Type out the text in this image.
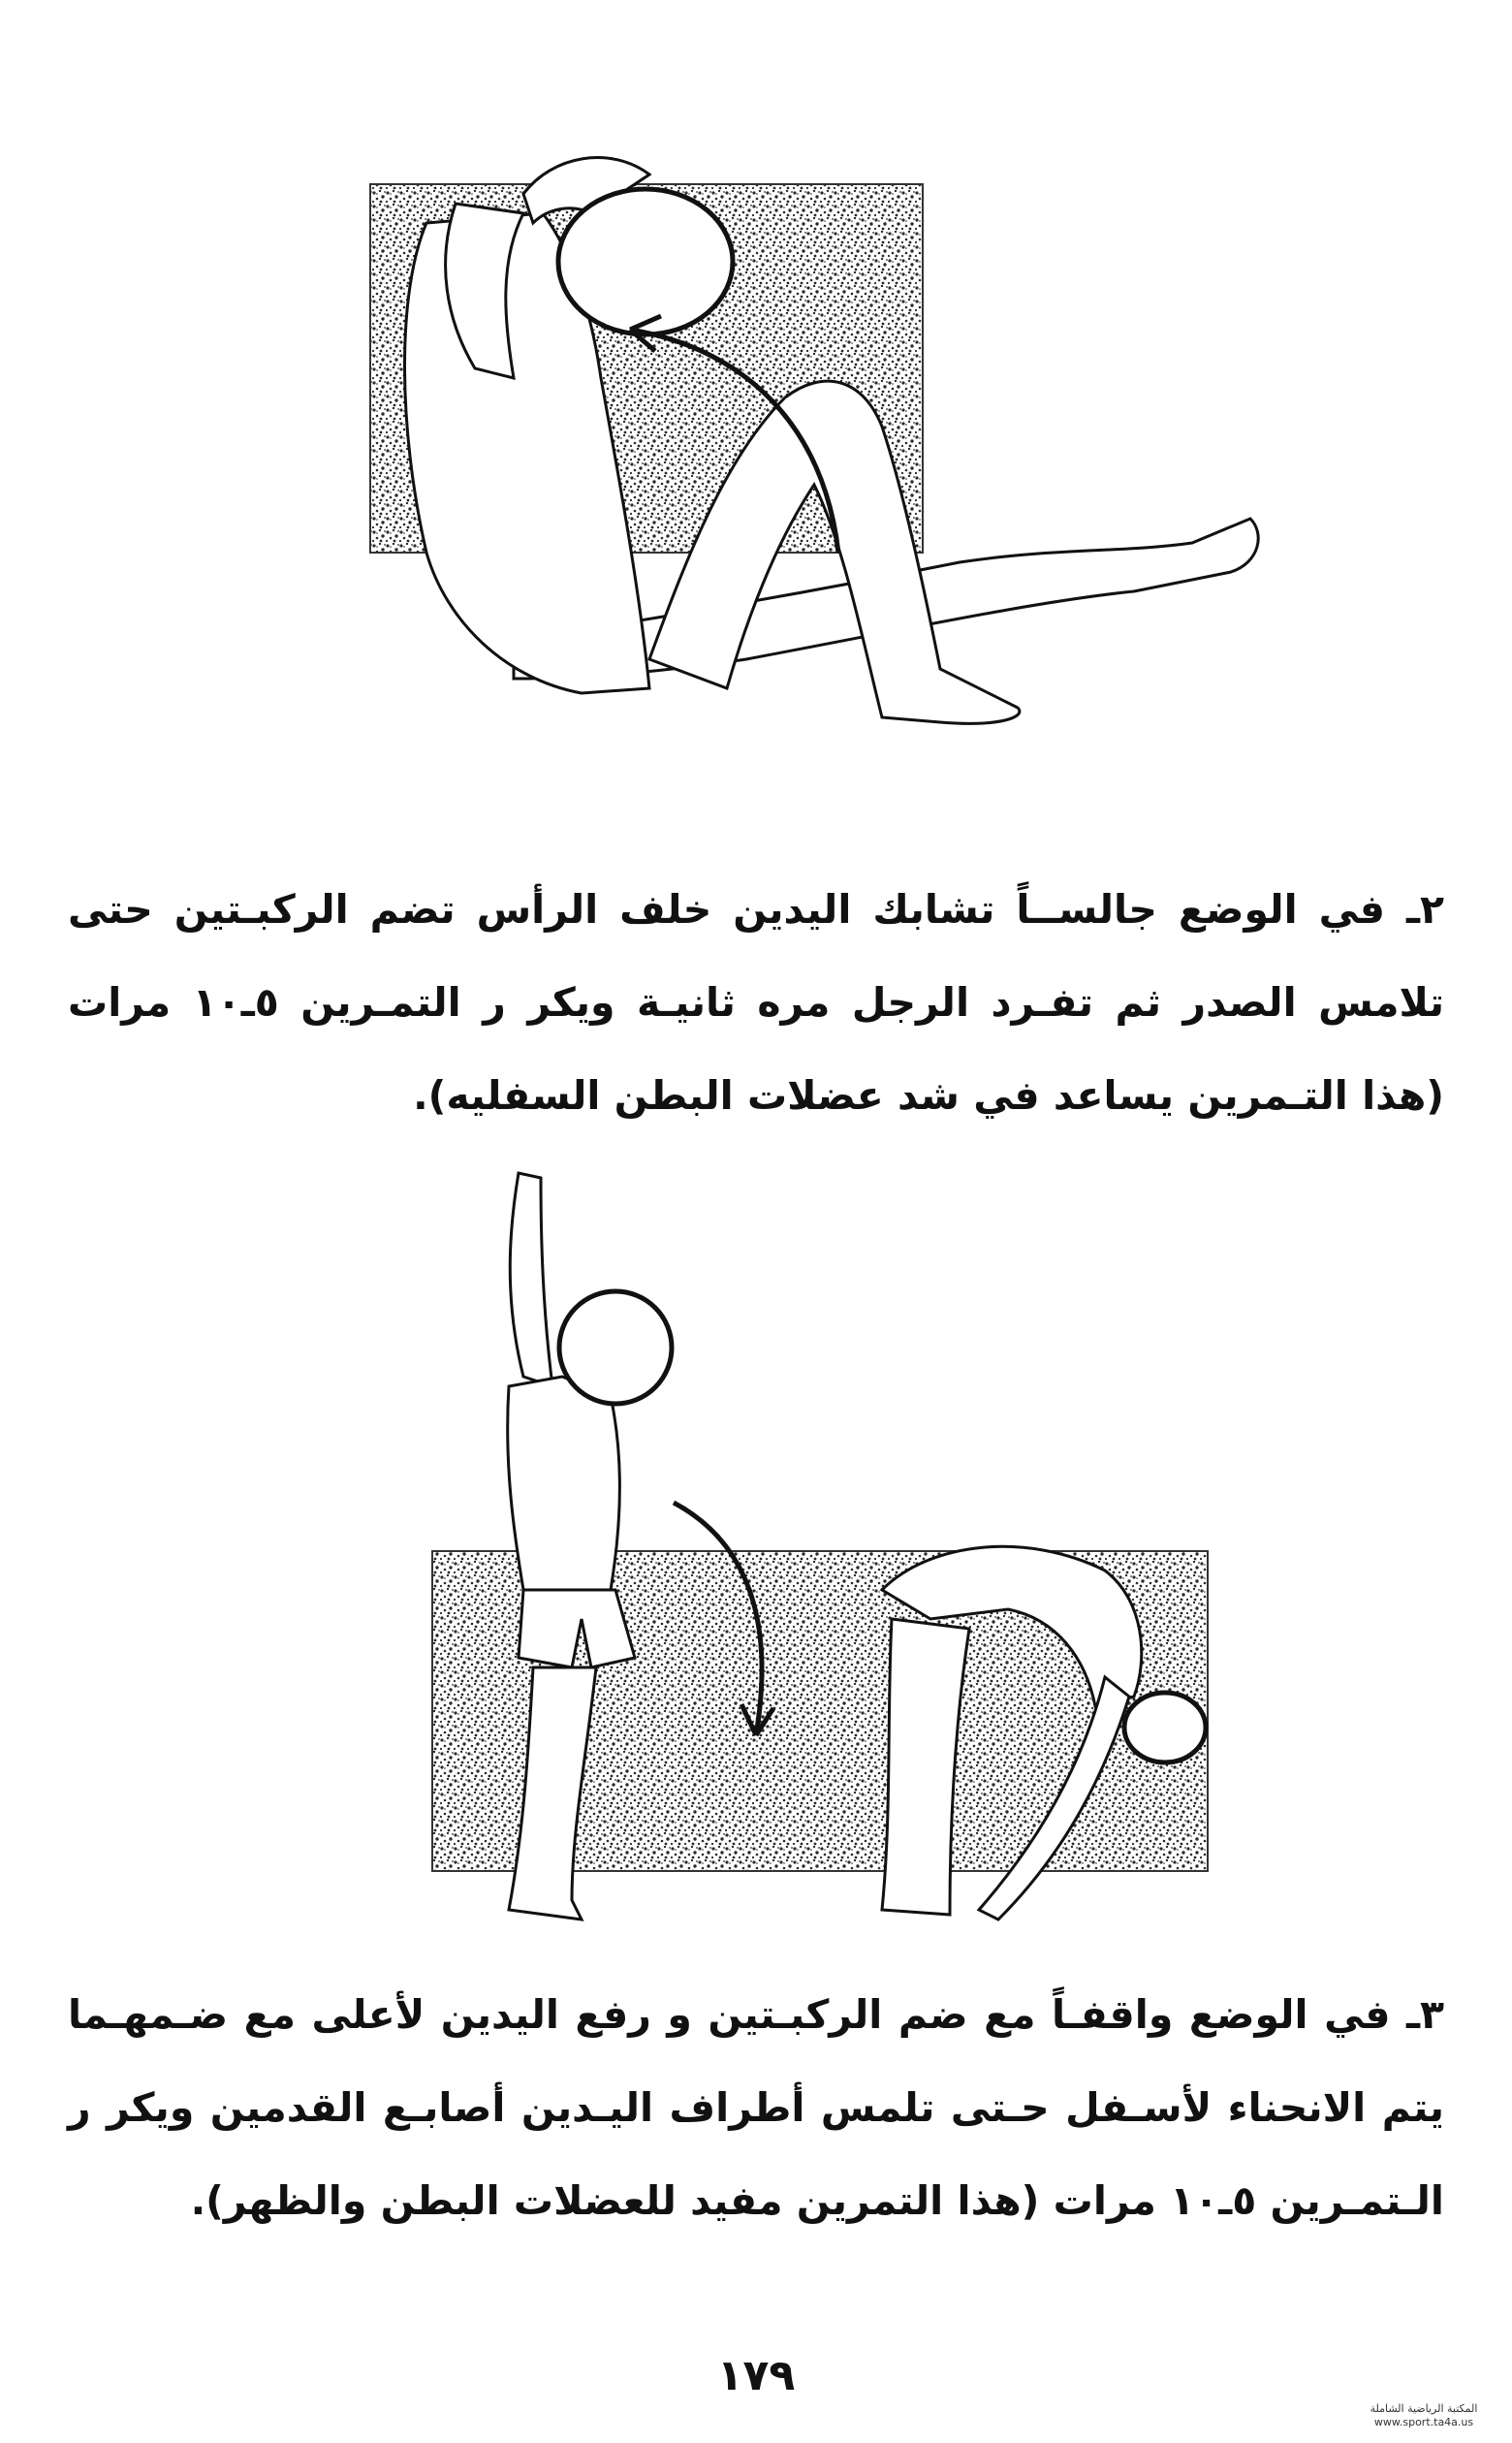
٢ـ في الوضع جالســاً تشابك اليدين خلف الرأس تضم الركبـتين حتى تلامس الصدر ثم تفـرد الرجل مره ثانيـة ويكر ر التمـرين ٥ـ١٠ مرات (هذا التـمرين يساعد في شد عضلات البطن السفليه).

٣ـ في الوضع واقفـاً مع ضم الركبـتين و رفع اليدين لأعلى مع ضـمهـما يتم الانحناء لأسـفل حـتى تلمس أطراف اليـدين أصابـع القدمين ويكر ر الـتمـرين ٥ـ١٠ مرات (هذا التمرين مفيد للعضلات البطن والظهر).

١٧٩
المكتبة الرياضية الشاملة
www.sport.ta4a.us
